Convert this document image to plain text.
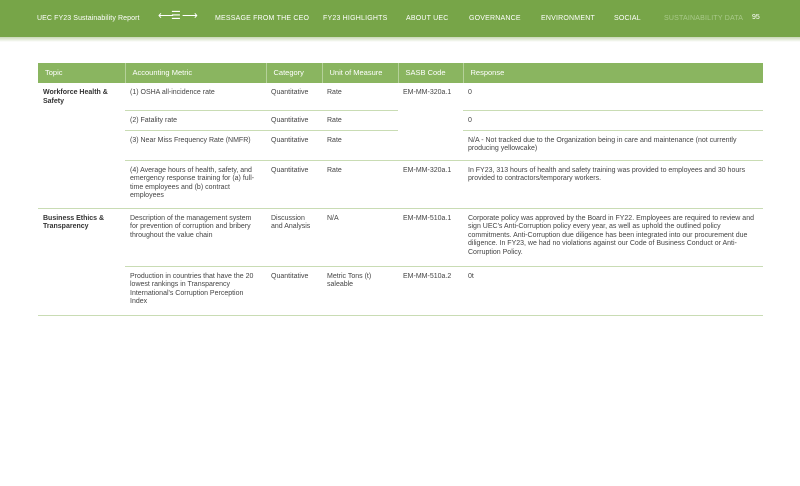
UEC FY23 Sustainability Report ⟵
☰ ⟶ MESSAGE FROM THE CEO FY23 HIGHLIGHTS	ABOUT UEC	GOVERNANCE	ENVIRONMENT	SOCIAL	SUSTAINABILITY DATA 95
Topic	Accounting Metric	Category	Unit of Measure	SASB Code	Response
Workforce Health & Safety	(1) OSHA all-incidence rate	Quantitative	Rate	EM-MM-320a.1	0
	(2) Fatality rate	Quantitative	Rate		0
	(3) Near Miss Frequency Rate (NMFR)	Quantitative	Rate		N/A - Not tracked due to the Organization being in care and maintenance (not currently producing yellowcake)
	(4) Average hours of health, safety, and emergency response training for (a) full-time employees and (b) contract employees	Quantitative	Rate	EM-MM-320a.1	In FY23, 313 hours of health and safety training was provided to employees and 30 hours provided to contractors/temporary workers.
Business Ethics & Transparency	Description of the management system for prevention of corruption and bribery throughout the value chain	Discussion and Analysis	N/A	EM-MM-510a.1	Corporate policy was approved by the Board in FY22. Employees are required to review and sign UEC's Anti-Corruption policy every year, as well as uphold the outlined policy commitments. Anti-Corruption due diligence has been integrated into our procurement due diligence. In FY23, we had no violations against our Code of Business Conduct or Anti-Corruption Policy.
	Production in countries that have the 20 lowest rankings in Transparency International's Corruption Perception Index	Quantitative	Metric Tons (t) saleable	EM-MM-510a.2	0t
